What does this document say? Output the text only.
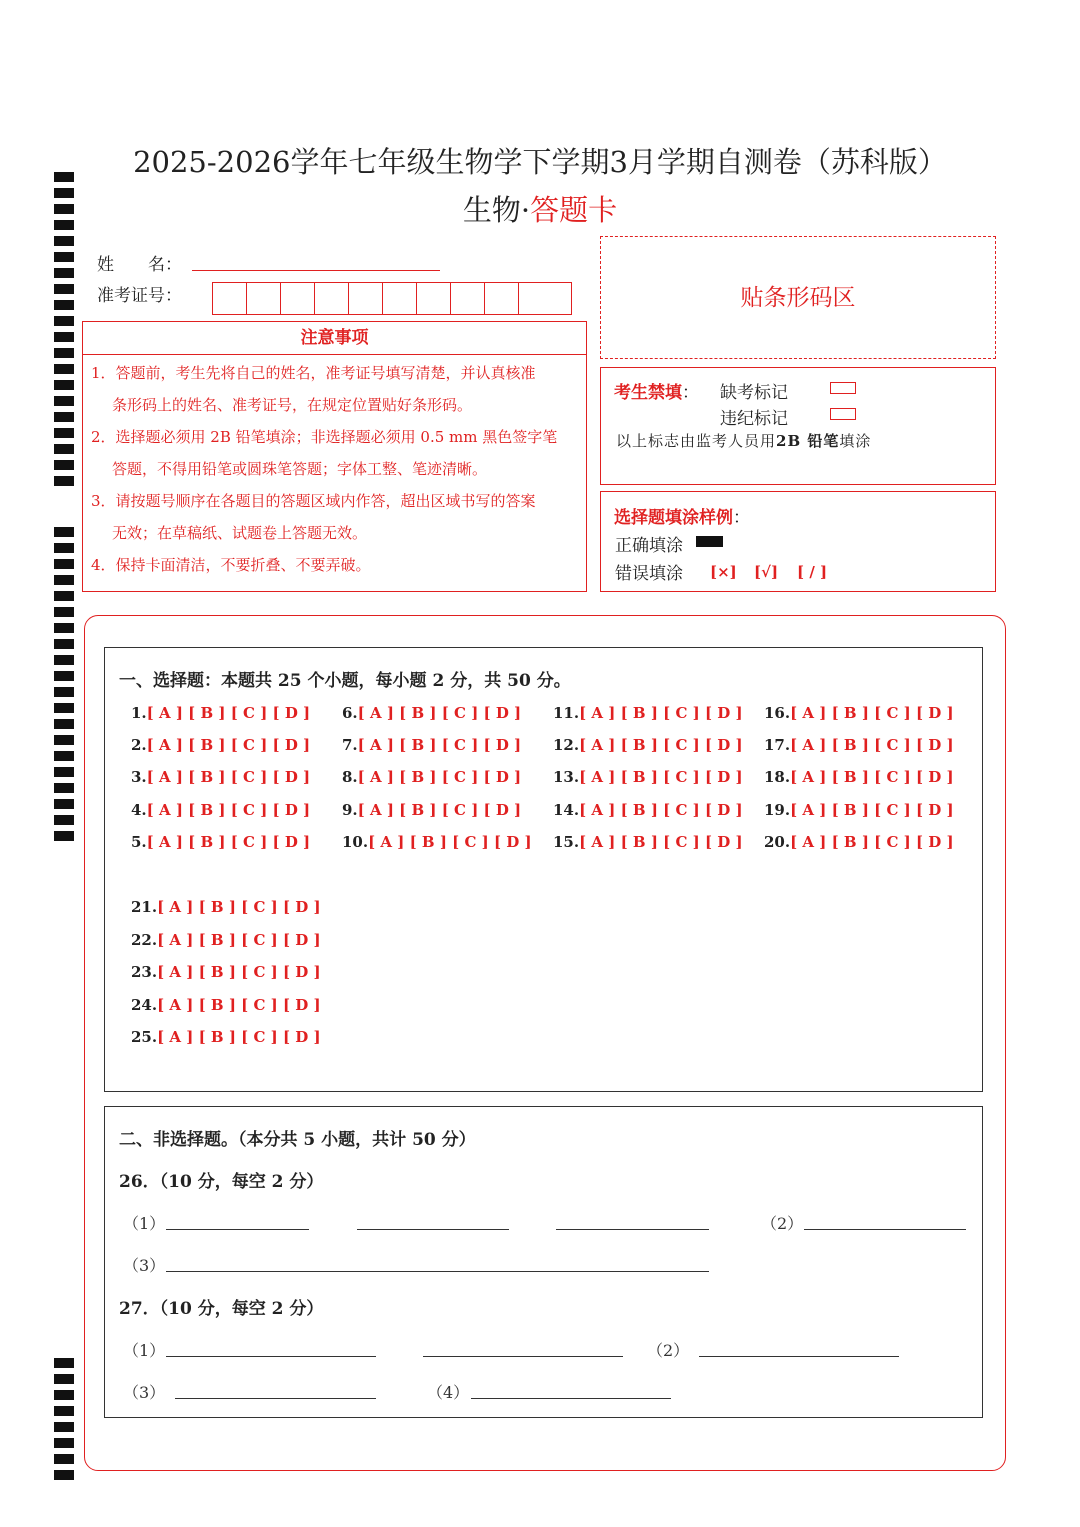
2025-2026学年七年级生物学下学期3月学期自测卷（苏科版）
生物·答题卡
姓　　名：
准考证号：
注意事项
1．答题前，考生先将自己的姓名，准考证号填写清楚，并认真核准
条形码上的姓名、准考证号，在规定位置贴好条形码。
2．选择题必须用 2B 铅笔填涂；非选择题必须用 0.5 mm 黑色签字笔
答题，不得用铅笔或圆珠笔答题；字体工整、笔迹清晰。
3．请按题号顺序在各题目的答题区域内作答，超出区域书写的答案
无效；在草稿纸、试题卷上答题无效。
4．保持卡面清洁，不要折叠、不要弄破。
贴条形码区
考生禁填： 缺考标记
违纪标记
以上标志由监考人员用2B 铅笔填涂
选择题填涂样例：
正确填涂
错误填涂 [×] [√] [ / ]
一、选择题：本题共 25 个小题，每小题 2 分，共 50 分。
1.[ A ] [ B ] [ C ] [ D ]
2.[ A ] [ B ] [ C ] [ D ]
3.[ A ] [ B ] [ C ] [ D ]
4.[ A ] [ B ] [ C ] [ D ]
5.[ A ] [ B ] [ C ] [ D ]
6.[ A ] [ B ] [ C ] [ D ]
7.[ A ] [ B ] [ C ] [ D ]
8.[ A ] [ B ] [ C ] [ D ]
9.[ A ] [ B ] [ C ] [ D ]
10.[ A ] [ B ] [ C ] [ D ]
11.[ A ] [ B ] [ C ] [ D ]
12.[ A ] [ B ] [ C ] [ D ]
13.[ A ] [ B ] [ C ] [ D ]
14.[ A ] [ B ] [ C ] [ D ]
15.[ A ] [ B ] [ C ] [ D ]
16.[ A ] [ B ] [ C ] [ D ]
17.[ A ] [ B ] [ C ] [ D ]
18.[ A ] [ B ] [ C ] [ D ]
19.[ A ] [ B ] [ C ] [ D ]
20.[ A ] [ B ] [ C ] [ D ]
21.[ A ] [ B ] [ C ] [ D ]
22.[ A ] [ B ] [ C ] [ D ]
23.[ A ] [ B ] [ C ] [ D ]
24.[ A ] [ B ] [ C ] [ D ]
25.[ A ] [ B ] [ C ] [ D ]
二、非选择题。（本分共 5 小题，共计 50 分）
26．（10 分，每空 2 分）
（1）	（2）
（3）
27．（10 分，每空 2 分）
（1）	（2）
（3）	（4）
